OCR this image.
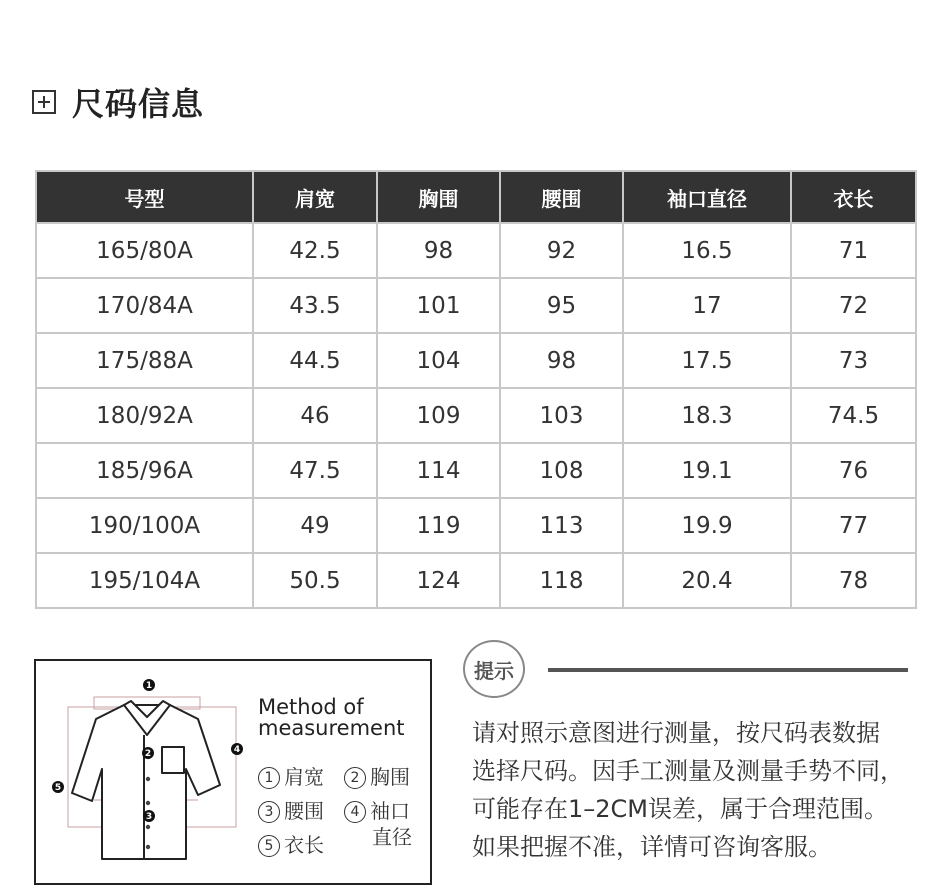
尺码信息
号型	肩宽	胸围	腰围	袖口直径	衣长
165/80A	42.5	98	92	16.5	71
170/84A	43.5	101	95	17	72
175/88A	44.5	104	98	17.5	73
180/92A	46	109	103	18.3	74.5
185/96A	47.5	114	108	19.1	76
190/100A	49	119	113	19.9	77
195/104A	50.5	124	118	20.4	78
1
2
3
4
5
Method of
measurement
1 肩宽	2 胸围
3 腰围	4 袖口
直径
5 衣长
提示
请对照示意图进行测量，按尺码表数据
选择尺码。因手工测量及测量手势不同，
可能存在1–2CM误差，属于合理范围。
如果把握不准，详情可咨询客服。
